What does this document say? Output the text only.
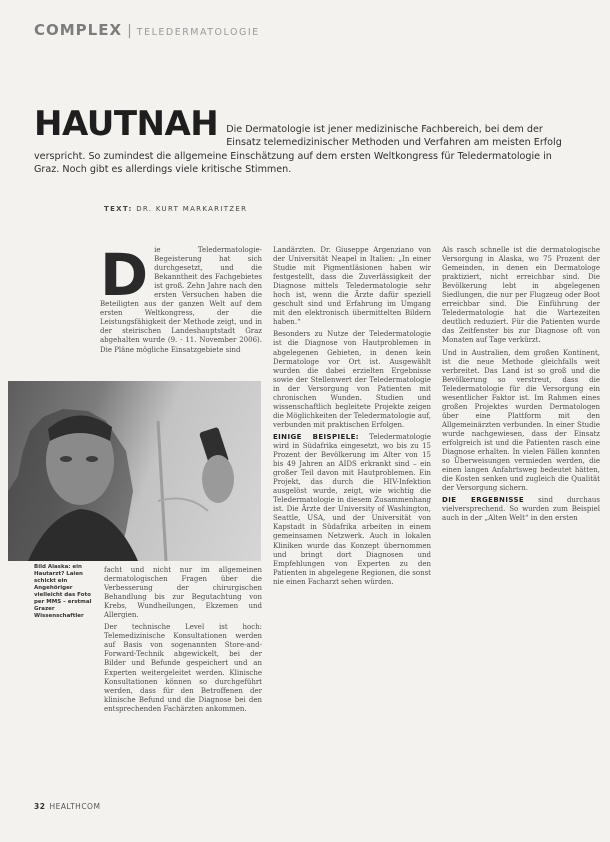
COMPLEX | TELEDERMATOLOGIE
HAUTNAH Die Dermatologie ist jener medizinische Fachbereich, bei dem der Einsatz telemedizinischer Methoden und Verfahren am meisten Erfolg verspricht. So zumindest die allgemeine Einschätzung auf dem ersten Weltkongress für Teledermatologie in Graz. Noch gibt es allerdings viele kritische Stimmen.
TEXT: DR. KURT MARKARITZER
D ie Teledermatologie-Begeisterung hat sich durchgesetzt, und die Bekanntheit des Fachgebietes ist groß. Zehn Jahre nach den ersten Versuchen haben die Beteiligten aus der ganzen Welt auf dem ersten Weltkongress, der die Leistungsfähigkeit der Methode zeigt, und in der steirischen Landeshauptstadt Graz abgehalten wurde (9. - 11. November 2006). Die Pläne mögliche Einsatzgebiete sind
Bild Alaska: ein Hautarzt? Laien schickt ein Angehöriger vielleicht das Foto per MMS – erstmal Grazer Wissenschaftler

facht und nicht nur im allgemeinen dermatologischen Fragen über die Verbesserung der chirurgischen Behandlung bis zur Begutachtung von Krebs, Wundheilungen, Ekzemen und Allergien.

Der technische Level ist hoch: Telemedizinische Konsultationen werden auf Basis von sogenannten Store-and-Forward-Technik abgewickelt, bei der Bilder und Befunde gespeichert und an Experten weitergeleitet werden. Klinische Konsultationen können so durchgeführt werden, dass für den Betroffenen der klinische Befund und die Diagnose bei den entsprechenden Fachärzten ankommen.

Landärzten. Dr. Giuseppe Argenziano von der Universität Neapel in Italien: „In einer Studie mit Pigmentläsionen haben wir festgestellt, dass die Zuverlässigkeit der Diagnose mittels Teledermatologie sehr hoch ist, wenn die Ärzte dafür speziell geschult sind und Erfahrung im Umgang mit den elektronisch übermittelten Bildern haben.“

Besonders zu Nutze der Teledermatologie ist die Diagnose von Hautproblemen in abgelegenen Gebieten, in denen kein Dermatologe vor Ort ist. Ausgewählt wurden die dabei erzielten Ergebnisse sowie der Stellenwert der Teledermatologie in der Versorgung von Patienten mit chronischen Wunden. Studien und wissenschaftlich begleitete Projekte zeigen die Möglichkeiten der Teledermatologie auf, verbunden mit praktischen Erfolgen.

EINIGE BEISPIELE: Teledermatologie wird in Südafrika eingesetzt, wo bis zu 15 Prozent der Bevölkerung im Alter von 15 bis 49 Jahren an AIDS erkrankt sind – ein großer Teil davon mit Hautproblemen. Ein Projekt, das durch die HIV-Infektion ausgelöst wurde, zeigt, wie wichtig die Teledermatologie in diesem Zusammenhang ist. Die Ärzte der University of Washington, Seattle, USA, und der Universität von Kapstadt in Südafrika arbeiten in einem gemeinsamen Netzwerk. Auch in lokalen Kliniken wurde das Konzept übernommen und bringt dort Diagnosen und Empfehlungen von Experten zu den Patienten in abgelegene Regionen, die sonst nie einen Facharzt sehen würden.

Als rasch schnelle ist die dermatologische Versorgung in Alaska, wo 75 Prozent der Gemeinden, in denen ein Dermatologe praktiziert, nicht erreichbar sind. Die Bevölkerung lebt in abgelegenen Siedlungen, die nur per Flugzeug oder Boot erreichbar sind. Die Einführung der Teledermatologie hat die Wartezeiten deutlich reduziert. Für die Patienten wurde das Zeitfenster bis zur Diagnose oft von Monaten auf Tage verkürzt.

Und in Australien, dem großen Kontinent, ist die neue Methode gleichfalls weit verbreitet. Das Land ist so groß und die Bevölkerung so verstreut, dass die Teledermatologie für die Versorgung ein wesentlicher Faktor ist. Im Rahmen eines großen Projektes wurden Dermatologen über eine Plattform mit den Allgemeinärzten verbunden. In einer Studie wurde nachgewiesen, dass der Einsatz erfolgreich ist und die Patienten rasch eine Diagnose erhalten. In vielen Fällen konnten so Überweisungen vermieden werden, die einen langen Anfahrtsweg bedeutet hätten, die Kosten senken und zugleich die Qualität der Versorgung sichern.

DIE ERGEBNISSE sind durchaus vielversprechend. So wurden zum Beispiel auch in der „Alten Welt“ in den ersten

32 HEALTHCOM
